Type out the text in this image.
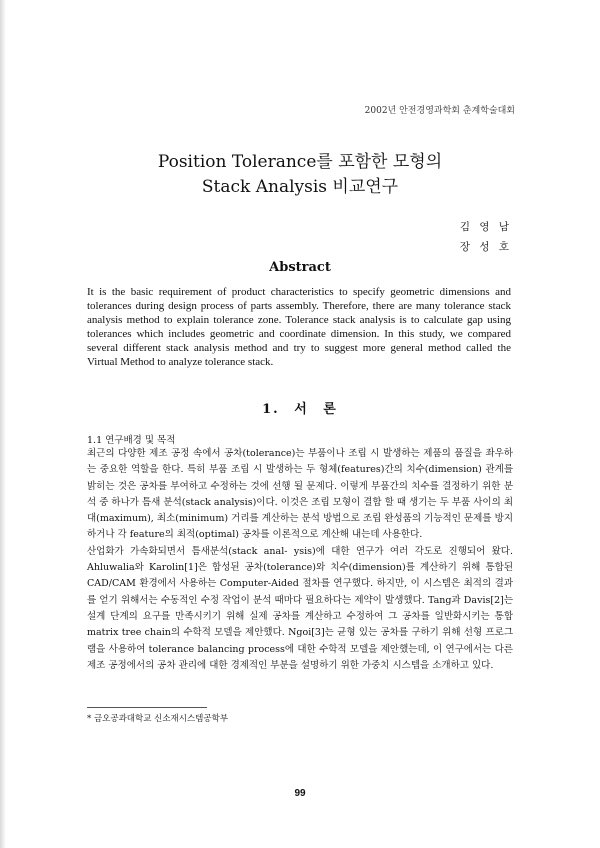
2002년 안전경영과학회 춘계학술대회
Position Tolerance를 포함한 모형의
Stack Analysis 비교연구
김 영 남
장 성 호
Abstract
It is the basic requirement of product characteristics to specify geometric dimensions and tolerances during design process of parts assembly. Therefore, there are many tolerance stack analysis method to explain tolerance zone. Tolerance stack analysis is to calculate gap using tolerances which includes geometric and coordinate dimension. In this study, we compared several different stack analysis method and try to suggest more general method called the Virtual Method to analyze tolerance stack.
1. 서 론
1.1 연구배경 및 목적

최근의 다양한 제조 공정 속에서 공차(tolerance)는 부품이나 조립 시 발생하는 제품의 품질을 좌우하는 중요한 역할을 한다. 특히 부품 조립 시 발생하는 두 형체(features)간의 치수(dimension) 관계를 밝히는 것은 공차를 부여하고 수정하는 것에 선행 될 문제다. 이렇게 부품간의 치수를 결정하기 위한 분석 중 하나가 틈새 분석(stack analysis)이다. 이것은 조립 모형이 결합 할 때 생기는 두 부품 사이의 최대(maximum), 최소(minimum) 거리를 계산하는 분석 방법으로 조립 완성품의 기능적인 문제를 방지하거나 각 feature의 최적(optimal) 공차를 이론적으로 계산해 내는데 사용한다.

산업화가 가속화되면서 틈새분석(stack anal- ysis)에 대한 연구가 여러 각도로 진행되어 왔다. Ahluwalia와 Karolin[1]은 합성된 공차(tolerance)와 치수(dimension)를 계산하기 위해 통합된 CAD/CAM 환경에서 사용하는 Computer-Aided 절차를 연구했다. 하지만, 이 시스템은 최적의 결과를 얻기 위해서는 수동적인 수정 작업이 분석 때마다 필요하다는 제약이 발생했다. Tang과 Davis[2]는 설계 단계의 요구를 만족시키기 위해 실제 공차를 계산하고 수정하여 그 공차를 일반화시키는 통합 matrix tree chain의 수학적 모델을 제안했다. Ngoi[3]는 균형 있는 공차를 구하기 위해 선형 프로그램을 사용하여 tolerance balancing process에 대한 수학적 모델을 제안했는데, 이 연구에서는 다른 제조 공정에서의 공차 관리에 대한 경제적인 부분을 설명하기 위한 가중치 시스템을 소개하고 있다.

* 금오공과대학교 신소재시스템공학부
99
